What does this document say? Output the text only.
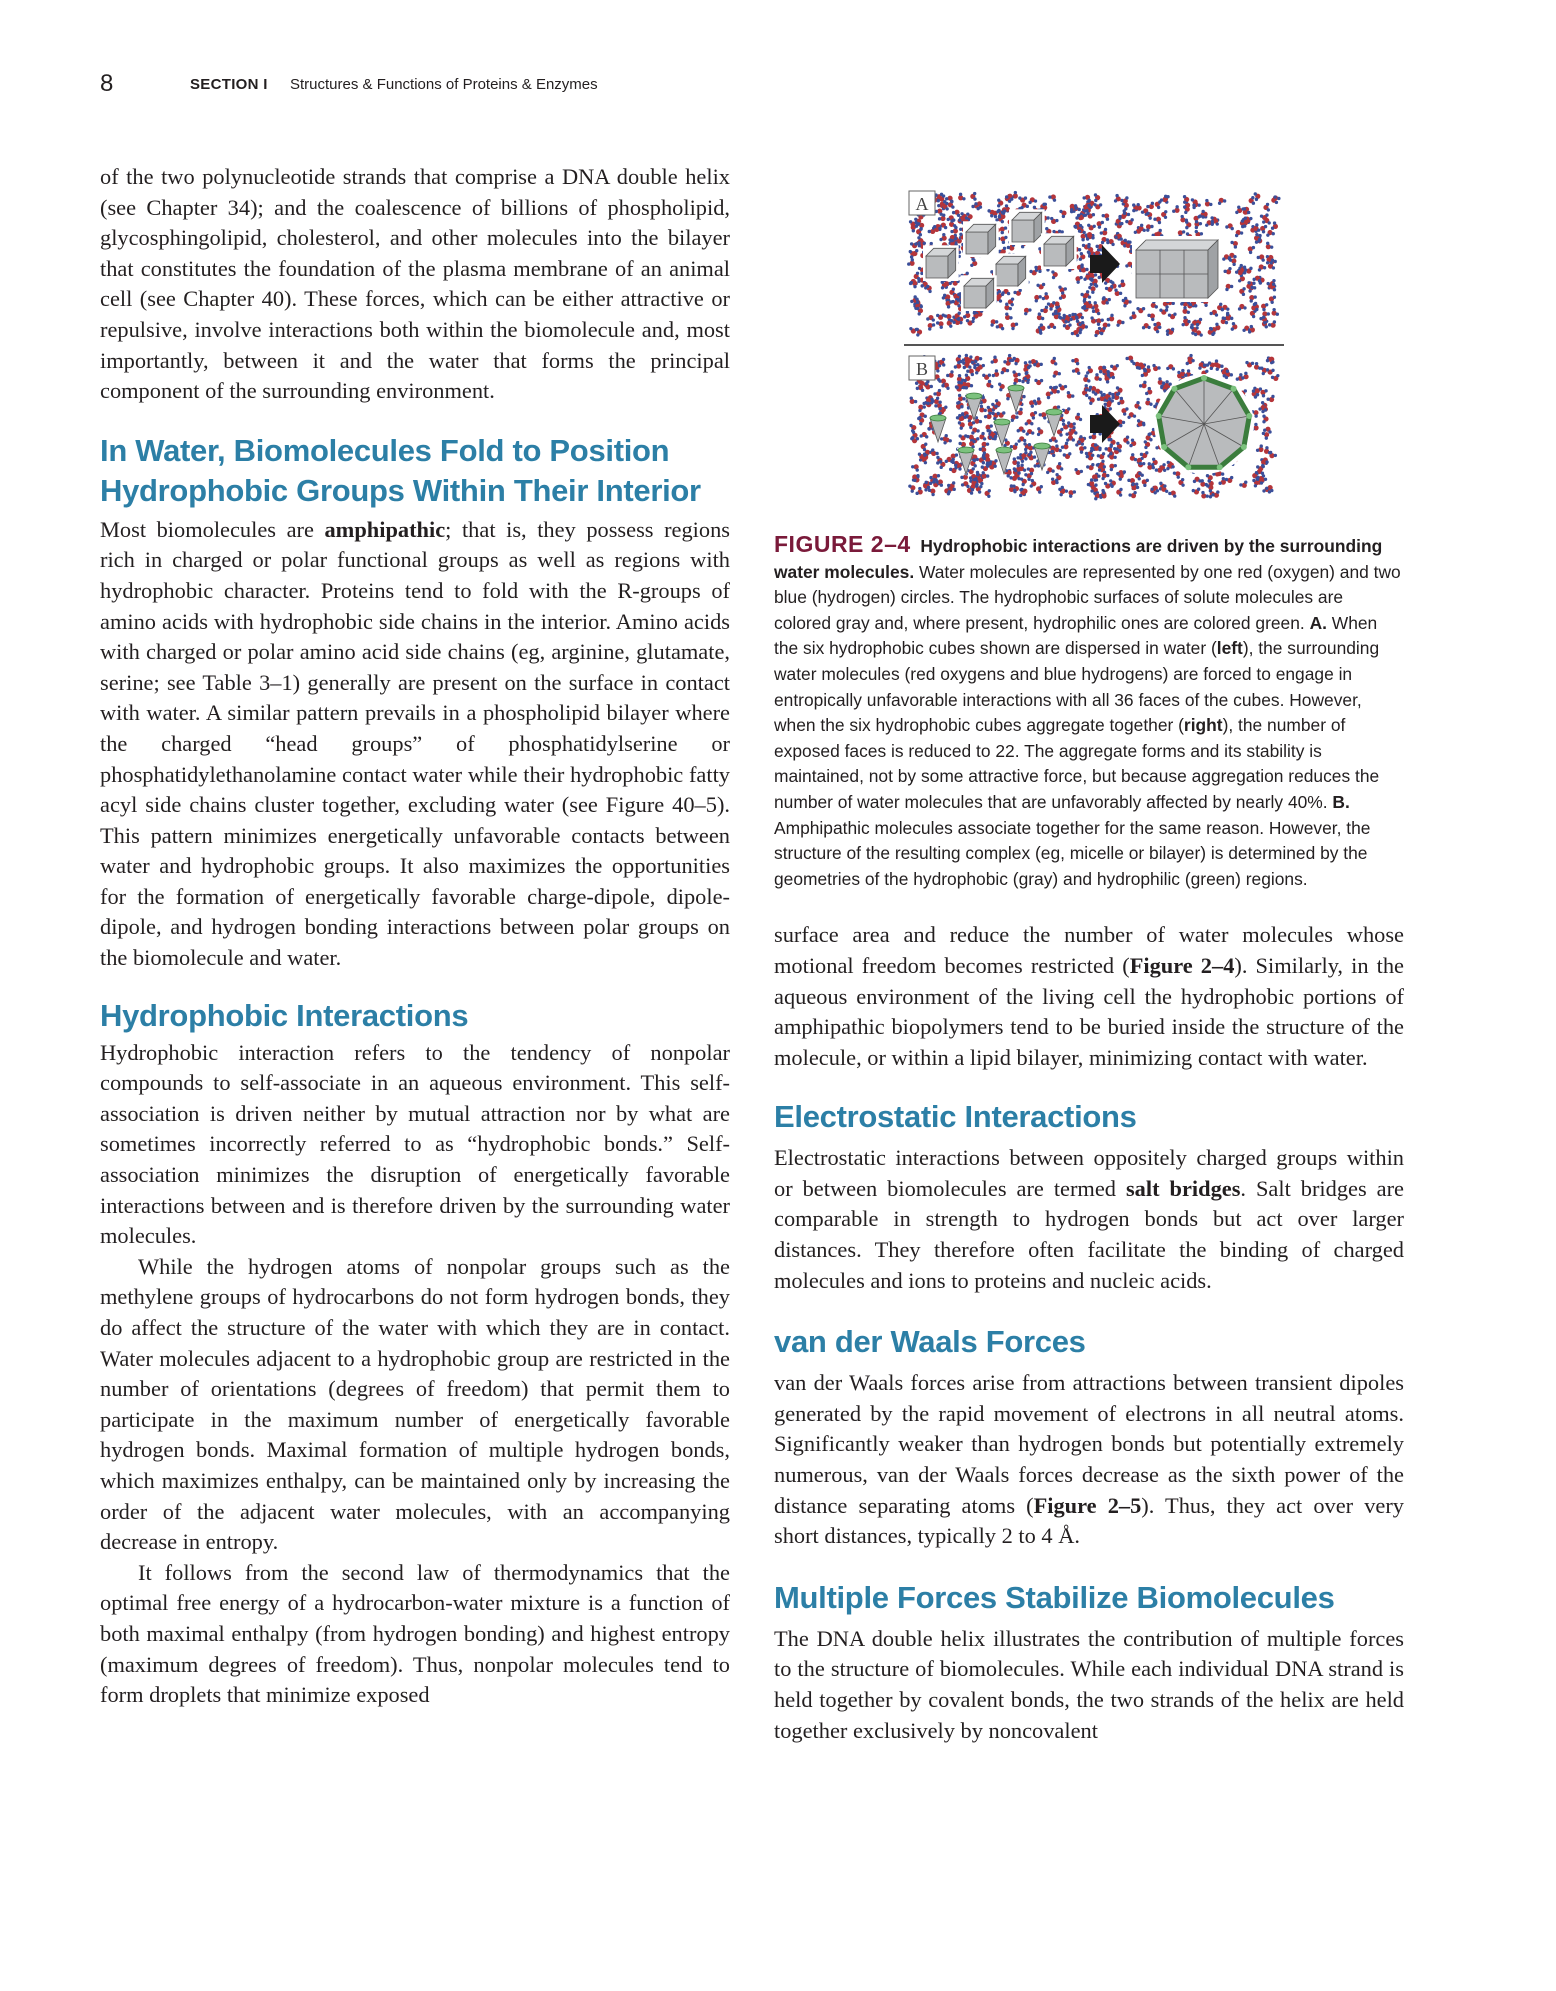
8	SECTION I Structures & Functions of Proteins & Enzymes

of the two polynucleotide strands that comprise a DNA double helix (see Chapter 34); and the coalescence of billions of phospholipid, glycosphingolipid, cholesterol, and other molecules into the bilayer that constitutes the foundation of the plasma membrane of an animal cell (see Chapter 40). These forces, which can be either attractive or repulsive, involve interactions both within the biomolecule and, most importantly, between it and the water that forms the principal component of the surrounding environment.

In Water, Biomolecules Fold to Position Hydrophobic Groups Within Their Interior

Most biomolecules are amphipathic; that is, they possess regions rich in charged or polar functional groups as well as regions with hydrophobic character. Proteins tend to fold with the R-groups of amino acids with hydrophobic side chains in the interior. Amino acids with charged or polar amino acid side chains (eg, arginine, glutamate, serine; see Table 3–1) generally are present on the surface in contact with water. A similar pattern prevails in a phospholipid bilayer where the charged “head groups” of phosphatidylserine or phosphatidylethanolamine contact water while their hydrophobic fatty acyl side chains cluster together, excluding water (see Figure 40–5). This pattern minimizes energetically unfavorable contacts between water and hydrophobic groups. It also maximizes the opportunities for the formation of energetically favorable charge-dipole, dipole-dipole, and hydrogen bonding interactions between polar groups on the biomolecule and water.

Hydrophobic Interactions

Hydrophobic interaction refers to the tendency of nonpolar compounds to self-associate in an aqueous environment. This self-association is driven neither by mutual attraction nor by what are sometimes incorrectly referred to as “hydrophobic bonds.” Self-association minimizes the disruption of energetically favorable interactions between and is therefore driven by the surrounding water molecules.

While the hydrogen atoms of nonpolar groups such as the methylene groups of hydrocarbons do not form hydrogen bonds, they do affect the structure of the water with which they are in contact. Water molecules adjacent to a hydrophobic group are restricted in the number of orientations (degrees of freedom) that permit them to participate in the maximum number of energetically favorable hydrogen bonds. Maximal formation of multiple hydrogen bonds, which maximizes enthalpy, can be maintained only by increasing the order of the adjacent water molecules, with an accompanying decrease in entropy.

It follows from the second law of thermodynamics that the optimal free energy of a hydrocarbon-water mixture is a function of both maximal enthalpy (from hydrogen bonding) and highest entropy (maximum degrees of freedom). Thus, nonpolar molecules tend to form droplets that minimize exposed

A
B

FIGURE 2–4 Hydrophobic interactions are driven by the surrounding water molecules. Water molecules are represented by one red (oxygen) and two blue (hydrogen) circles. The hydrophobic surfaces of solute molecules are colored gray and, where present, hydrophilic ones are colored green. A. When the six hydrophobic cubes shown are dispersed in water (left), the surrounding water molecules (red oxygens and blue hydrogens) are forced to engage in entropically unfavorable interactions with all 36 faces of the cubes. However, when the six hydrophobic cubes aggregate together (right), the number of exposed faces is reduced to 22. The aggregate forms and its stability is maintained, not by some attractive force, but because aggregation reduces the number of water molecules that are unfavorably affected by nearly 40%. B. Amphipathic molecules associate together for the same reason. However, the structure of the resulting complex (eg, micelle or bilayer) is determined by the geometries of the hydrophobic (gray) and hydrophilic (green) regions.

surface area and reduce the number of water molecules whose motional freedom becomes restricted (Figure 2–4). Similarly, in the aqueous environment of the living cell the hydrophobic portions of amphipathic biopolymers tend to be buried inside the structure of the molecule, or within a lipid bilayer, minimizing contact with water.

Electrostatic Interactions

Electrostatic interactions between oppositely charged groups within or between biomolecules are termed salt bridges. Salt bridges are comparable in strength to hydrogen bonds but act over larger distances. They therefore often facilitate the binding of charged molecules and ions to proteins and nucleic acids.

van der Waals Forces

van der Waals forces arise from attractions between transient dipoles generated by the rapid movement of electrons in all neutral atoms. Significantly weaker than hydrogen bonds but potentially extremely numerous, van der Waals forces decrease as the sixth power of the distance separating atoms (Figure 2–5). Thus, they act over very short distances, typically 2 to 4 Å.

Multiple Forces Stabilize Biomolecules

The DNA double helix illustrates the contribution of multiple forces to the structure of biomolecules. While each individual DNA strand is held together by covalent bonds, the two strands of the helix are held together exclusively by noncovalent
